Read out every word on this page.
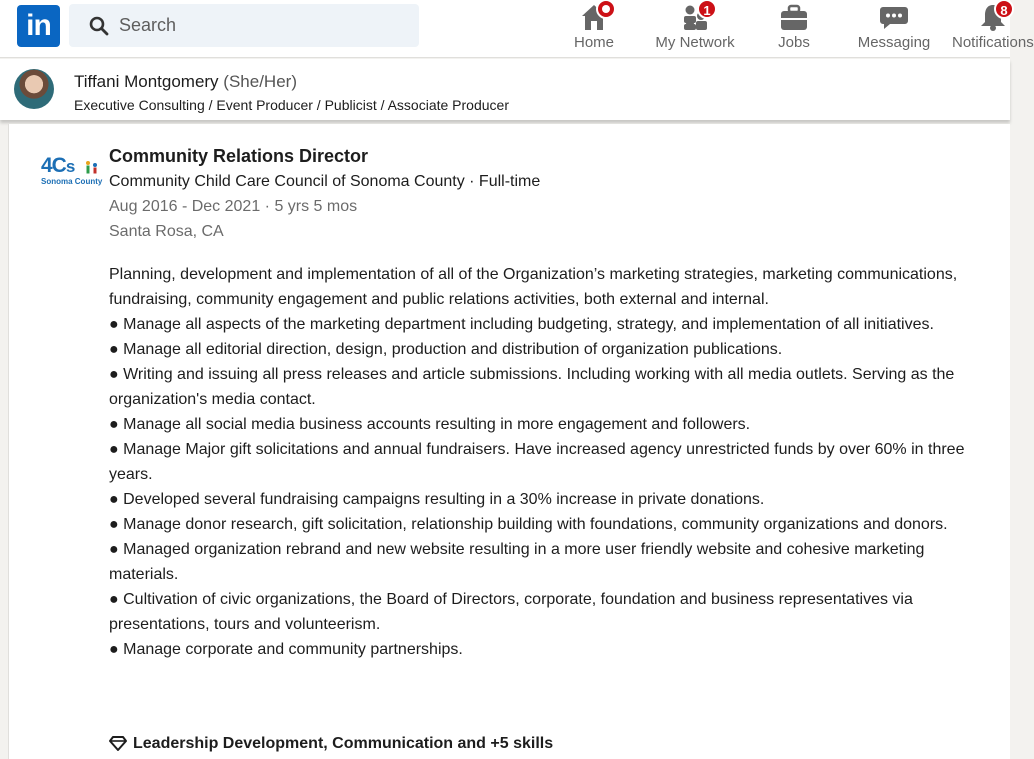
in
Search
Home
1
My Network	Jobs	Messaging
8
Notifications
Tiffani Montgomery (She/Her)
Executive Consulting / Event Producer / Publicist / Associate Producer
4Cs
Sonoma County
Community Relations Director
Community Child Care Council of Sonoma County · Full-time
Aug 2016 - Dec 2021 · 5 yrs 5 mos
Santa Rosa, CA
Planning, development and implementation of all of the Organization’s marketing strategies, marketing communications, fundraising, community engagement and public relations activities, both external and internal.
● Manage all aspects of the marketing department including budgeting, strategy, and implementation of all initiatives.
● Manage all editorial direction, design, production and distribution of organization publications.
● Writing and issuing all press releases and article submissions. Including working with all media outlets. Serving as the organization's media contact.
● Manage all social media business accounts resulting in more engagement and followers.
● Manage Major gift solicitations and annual fundraisers. Have increased agency unrestricted funds by over 60% in three years.
● Developed several fundraising campaigns resulting in a 30% increase in private donations.
● Manage donor research, gift solicitation, relationship building with foundations, community organizations and donors.
● Managed organization rebrand and new website resulting in a more user friendly website and cohesive marketing materials.
● Cultivation of civic organizations, the Board of Directors, corporate, foundation and business representatives via presentations, tours and volunteerism.
● Manage corporate and community partnerships.
Leadership Development, Communication and +5 skills
